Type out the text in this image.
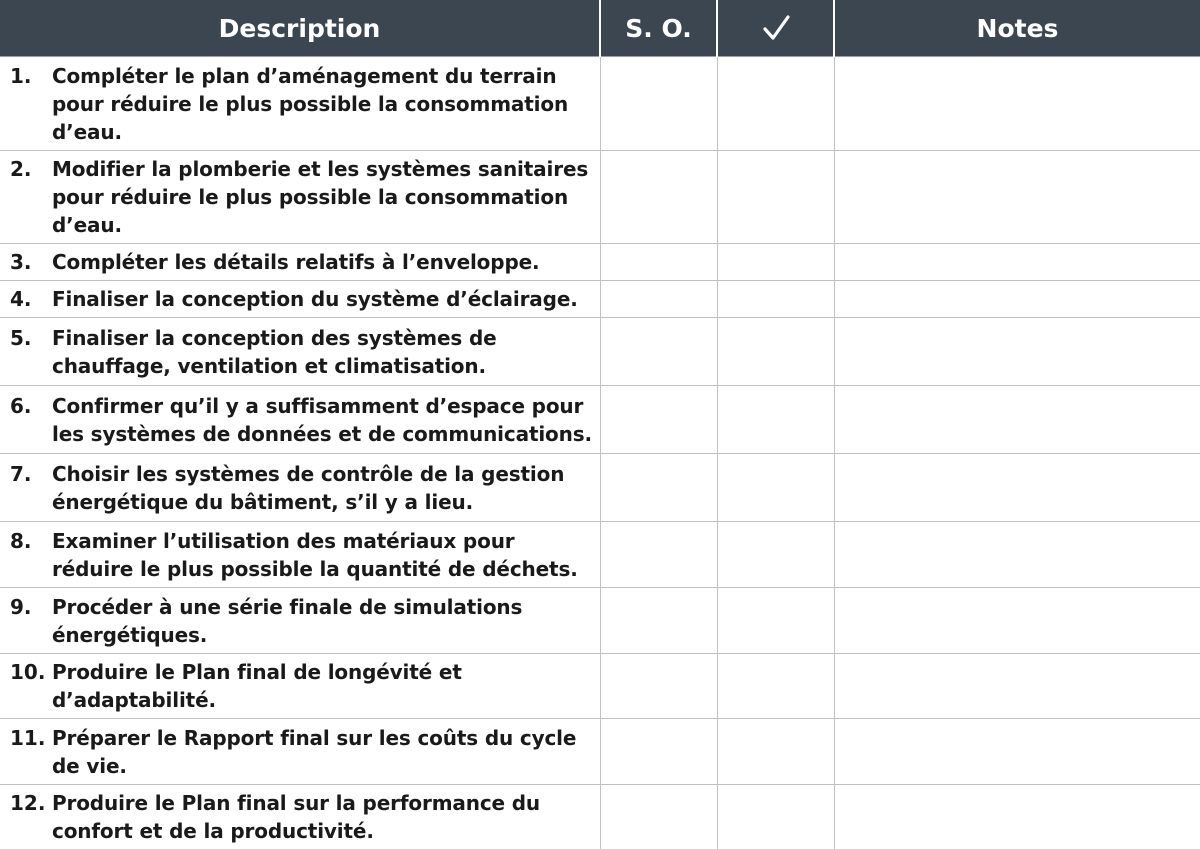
Description	S. O.		Notes

1. Compléter le plan d’aménagement du terrain pour réduire le plus possible la consommation d’eau.			

2. Modifier la plomberie et les systèmes sanitaires pour réduire le plus possible la consommation d’eau.			

3. Compléter les détails relatifs à l’enveloppe.			

4. Finaliser la conception du système d’éclairage.			

5. Finaliser la conception des systèmes de chauffage, ventilation et climatisation.			

6. Confirmer qu’il y a suffisamment d’espace pour les systèmes de données et de communications.			

7. Choisir les systèmes de contrôle de la gestion énergétique du bâtiment, s’il y a lieu.			

8. Examiner l’utilisation des matériaux pour réduire le plus possible la quantité de déchets.			

9. Procéder à une série finale de simulations énergétiques.			

10. Produire le Plan final de longévité et d’adaptabilité.			

11. Préparer le Rapport final sur les coûts du cycle de vie.			

12. Produire le Plan final sur la performance du confort et de la productivité.			
